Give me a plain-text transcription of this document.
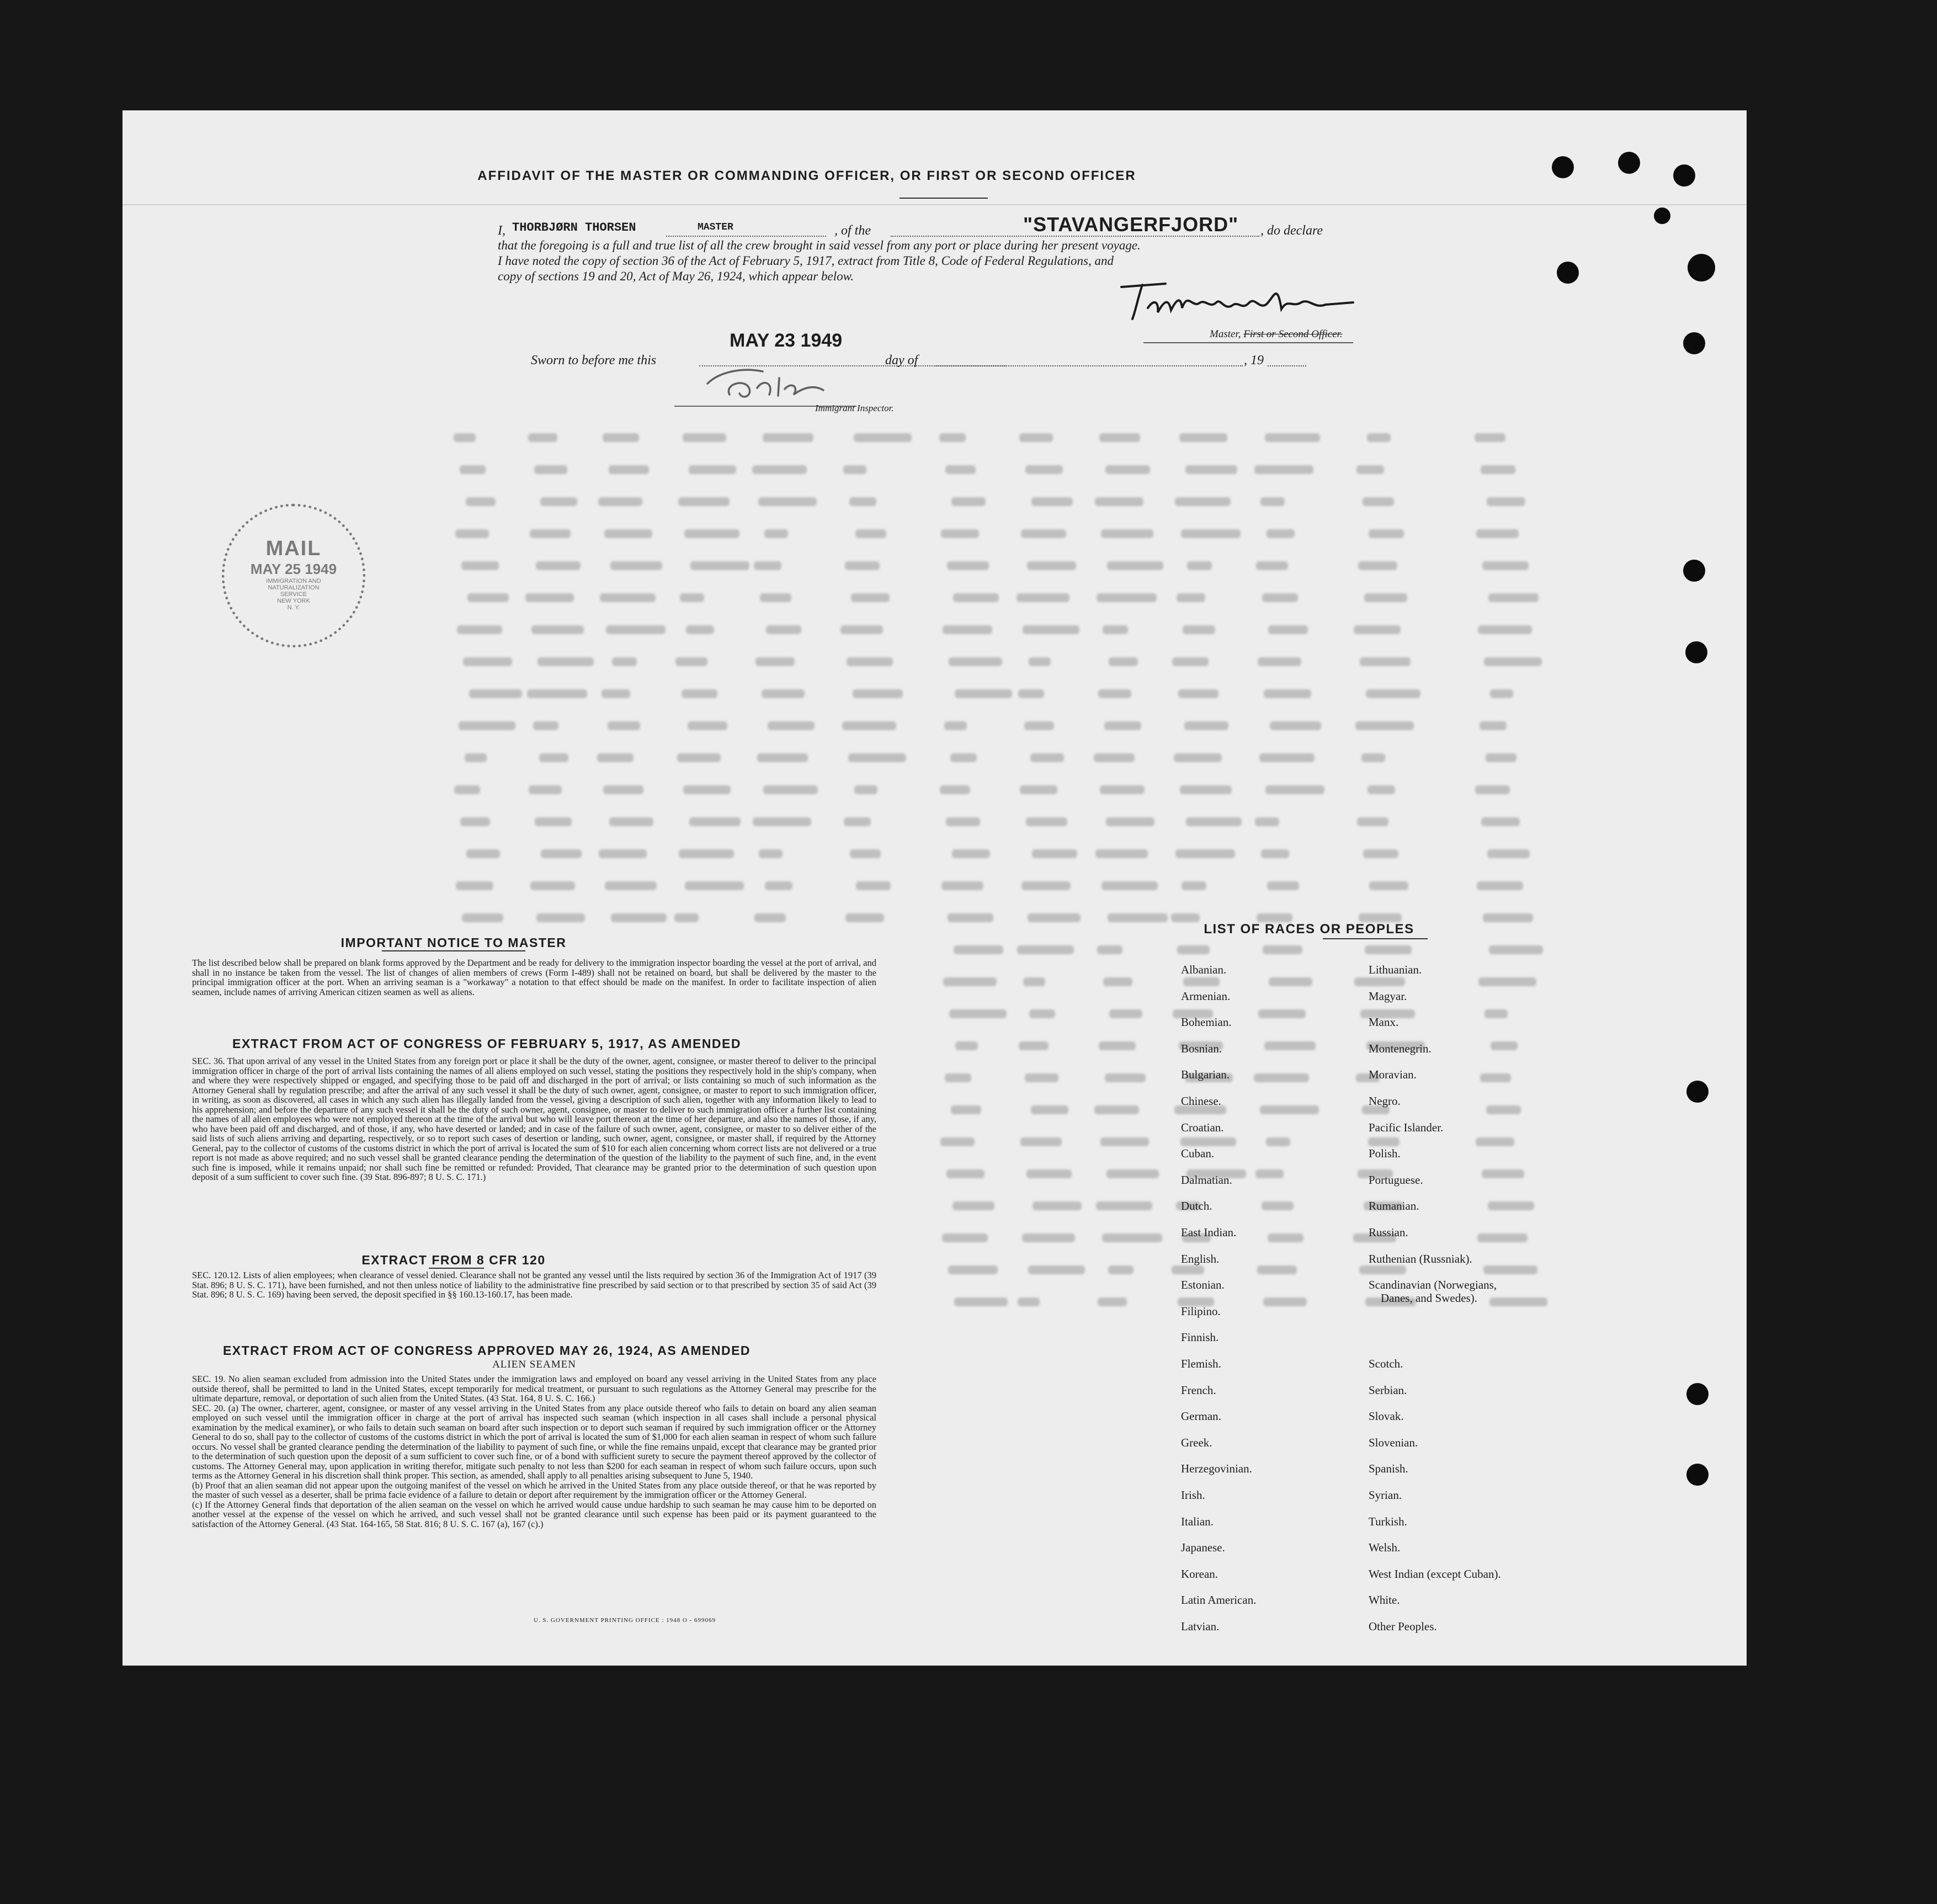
AFFIDAVIT OF THE MASTER OR COMMANDING OFFICER, OR FIRST OR SECOND OFFICER
I, THORBJØRN THORSEN	MASTER	, of the	"STAVANGERFJORD" , do declare
that the foregoing is a full and true list of all the crew brought in said vessel from any port or place during her present voyage.
I have noted the copy of section 36 of the Act of February 5, 1917, extract from Title 8, Code of Federal Regulations, and
copy of sections 19 and 20, Act of May 26, 1924, which appear below.
Master, First or Second Officer.
Sworn to before me this
MAY 23 1949
day of	, 19
Immigrant Inspector.
MAIL
MAY 25 1949
IMMIGRATION AND
NATURALIZATION
SERVICE
NEW YORK
N. Y.
IMPORTANT NOTICE TO MASTER

The list described below shall be prepared on blank forms approved by the Department and be ready for delivery to the immigration inspector boarding the vessel at the port of arrival, and shall in no instance be taken from the vessel. The list of changes of alien members of crews (Form I-489) shall not be retained on board, but shall be delivered by the master to the principal immigration officer at the port. When an arriving seaman is a "workaway" a notation to that effect should be made on the manifest. In order to facilitate inspection of alien seamen, include names of arriving American citizen seamen as well as aliens.

EXTRACT FROM ACT OF CONGRESS OF FEBRUARY 5, 1917, AS AMENDED

SEC. 36. That upon arrival of any vessel in the United States from any foreign port or place it shall be the duty of the owner, agent, consignee, or master thereof to deliver to the principal immigration officer in charge of the port of arrival lists containing the names of all aliens employed on such vessel, stating the positions they respectively hold in the ship's company, when and where they were respectively shipped or engaged, and specifying those to be paid off and discharged in the port of arrival; or lists containing so much of such information as the Attorney General shall by regulation prescribe; and after the arrival of any such vessel it shall be the duty of such owner, agent, consignee, or master to report to such immigration officer, in writing, as soon as discovered, all cases in which any such alien has illegally landed from the vessel, giving a description of such alien, together with any information likely to lead to his apprehension; and before the departure of any such vessel it shall be the duty of such owner, agent, consignee, or master to deliver to such immigration officer a further list containing the names of all alien employees who were not employed thereon at the time of the arrival but who will leave port thereon at the time of her departure, and also the names of those, if any, who have been paid off and discharged, and of those, if any, who have deserted or landed; and in case of the failure of such owner, agent, consignee, or master to so deliver either of the said lists of such aliens arriving and departing, respectively, or so to report such cases of desertion or landing, such owner, agent, consignee, or master shall, if required by the Attorney General, pay to the collector of customs of the customs district in which the port of arrival is located the sum of $10 for each alien concerning whom correct lists are not delivered or a true report is not made as above required; and no such vessel shall be granted clearance pending the determination of the question of the liability to the payment of such fine, and, in the event such fine is imposed, while it remains unpaid; nor shall such fine be remitted or refunded: Provided, That clearance may be granted prior to the determination of such question upon deposit of a sum sufficient to cover such fine. (39 Stat. 896-897; 8 U. S. C. 171.)

EXTRACT FROM 8 CFR 120

SEC. 120.12. Lists of alien employees; when clearance of vessel denied. Clearance shall not be granted any vessel until the lists required by section 36 of the Immigration Act of 1917 (39 Stat. 896; 8 U. S. C. 171), have been furnished, and not then unless notice of liability to the administrative fine prescribed by said section or to that prescribed by section 35 of said Act (39 Stat. 896; 8 U. S. C. 169) having been served, the deposit specified in §§ 160.13-160.17, has been made.

EXTRACT FROM ACT OF CONGRESS APPROVED MAY 26, 1924, AS AMENDED
ALIEN SEAMEN

SEC. 19. No alien seaman excluded from admission into the United States under the immigration laws and employed on board any vessel arriving in the United States from any place outside thereof, shall be permitted to land in the United States, except temporarily for medical treatment, or pursuant to such regulations as the Attorney General may prescribe for the ultimate departure, removal, or deportation of such alien from the United States. (43 Stat. 164, 8 U. S. C. 166.)

SEC. 20. (a) The owner, charterer, agent, consignee, or master of any vessel arriving in the United States from any place outside thereof who fails to detain on board any alien seaman employed on such vessel until the immigration officer in charge at the port of arrival has inspected such seaman (which inspection in all cases shall include a personal physical examination by the medical examiner), or who fails to detain such seaman on board after such inspection or to deport such seaman if required by such immigration officer or the Attorney General to do so, shall pay to the collector of customs of the customs district in which the port of arrival is located the sum of $1,000 for each alien seaman in respect of whom such failure occurs. No vessel shall be granted clearance pending the determination of the liability to payment of such fine, or while the fine remains unpaid, except that clearance may be granted prior to the determination of such question upon the deposit of a sum sufficient to cover such fine, or of a bond with sufficient surety to secure the payment thereof approved by the collector of customs. The Attorney General may, upon application in writing therefor, mitigate such penalty to not less than $200 for each seaman in respect of whom such failure occurs, upon such terms as the Attorney General in his discretion shall think proper. This section, as amended, shall apply to all penalties arising subsequent to June 5, 1940.

(b) Proof that an alien seaman did not appear upon the outgoing manifest of the vessel on which he arrived in the United States from any place outside thereof, or that he was reported by the master of such vessel as a deserter, shall be prima facie evidence of a failure to detain or deport after requirement by the immigration officer or the Attorney General.

(c) If the Attorney General finds that deportation of the alien seaman on the vessel on which he arrived would cause undue hardship to such seaman he may cause him to be deported on another vessel at the expense of the vessel on which he arrived, and such vessel shall not be granted clearance until such expense has been paid or its payment guaranteed to the satisfaction of the Attorney General. (43 Stat. 164-165, 58 Stat. 816; 8 U. S. C. 167 (a), 167 (c).)

U. S. GOVERNMENT PRINTING OFFICE : 1948 O - 699069
LIST OF RACES OR PEOPLES
Albanian.
Armenian.
Bohemian.
Bosnian.
Bulgarian.
Chinese.
Croatian.
Cuban.
Dalmatian.
Dutch.
East Indian.
English.
Estonian.
Filipino.
Finnish.
Flemish.
French.
German.
Greek.
Herzegovinian.
Irish.
Italian.
Japanese.
Korean.
Latin American.
Latvian.
Lithuanian.
Magyar.
Manx.
Montenegrin.
Moravian.
Negro.
Pacific Islander.
Polish.
Portuguese.
Rumanian.
Russian.
Ruthenian (Russniak).
Scandinavian (Norwegians,
Danes, and Swedes).
Scotch.
Serbian.
Slovak.
Slovenian.
Spanish.
Syrian.
Turkish.
Welsh.
West Indian (except Cuban).
White.
Other Peoples.
